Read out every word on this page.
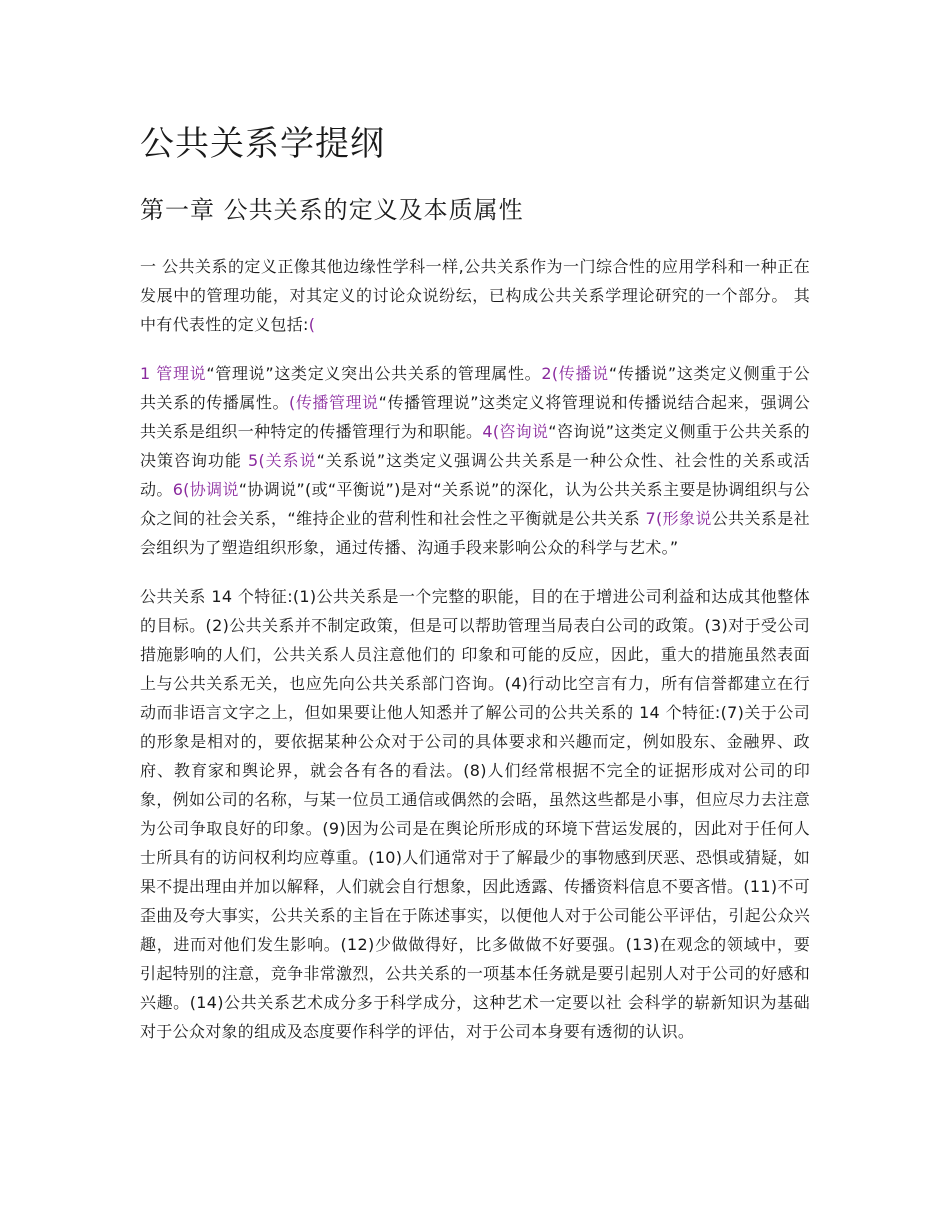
公共关系学提纲
第一章 公共关系的定义及本质属性

一 公共关系的定义正像其他边缘性学科一样,公共关系作为一门综合性的应用学科和一种正在发展中的管理功能，对其定义的讨论众说纷纭，已构成公共关系学理论研究的一个部分。 其中有代表性的定义包括:(

1 管理说“管理说”这类定义突出公共关系的管理属性。2(传播说“传播说”这类定义侧重于公共关系的传播属性。(传播管理说“传播管理说”这类定义将管理说和传播说结合起来，强调公共关系是组织一种特定的传播管理行为和职能。4(咨询说“咨询说”这类定义侧重于公共关系的决策咨询功能 5(关系说“关系说”这类定义强调公共关系是一种公众性、社会性的关系或活动。6(协调说“协调说”(或“平衡说”)是对“关系说”的深化，认为公共关系主要是协调组织与公众之间的社会关系，“维持企业的营利性和社会性之平衡就是公共关系 7(形象说公共关系是社会组织为了塑造组织形象，通过传播、沟通手段来影响公众的科学与艺术。”

公共关系 14 个特征:(1)公共关系是一个完整的职能，目的在于增进公司利益和达成其他整体的目标。(2)公共关系并不制定政策，但是可以帮助管理当局表白公司的政策。(3)对于受公司措施影响的人们，公共关系人员注意他们的 印象和可能的反应，因此，重大的措施虽然表面上与公共关系无关，也应先向公共关系部门咨询。(4)行动比空言有力，所有信誉都建立在行动而非语言文字之上，但如果要让他人知悉并了解公司的公共关系的 14 个特征:(7)关于公司的形象是相对的，要依据某种公众对于公司的具体要求和兴趣而定，例如股东、金融界、政府、教育家和舆论界，就会各有各的看法。(8)人们经常根据不完全的证据形成对公司的印象，例如公司的名称，与某一位员工通信或偶然的会晤，虽然这些都是小事，但应尽力去注意为公司争取良好的印象。(9)因为公司是在舆论所形成的环境下营运发展的，因此对于任何人士所具有的访问权利均应尊重。(10)人们通常对于了解最少的事物感到厌恶、恐惧或猜疑，如果不提出理由并加以解释，人们就会自行想象，因此透露、传播资料信息不要吝惜。(11)不可歪曲及夸大事实，公共关系的主旨在于陈述事实，以便他人对于公司能公平评估，引起公众兴趣，进而对他们发生影响。(12)少做做得好，比多做做不好要强。(13)在观念的领域中，要引起特别的注意，竞争非常激烈，公共关系的一项基本任务就是要引起别人对于公司的好感和兴趣。(14)公共关系艺术成分多于科学成分，这种艺术一定要以社 会科学的崭新知识为基础对于公众对象的组成及态度要作科学的评估，对于公司本身要有透彻的认识。
